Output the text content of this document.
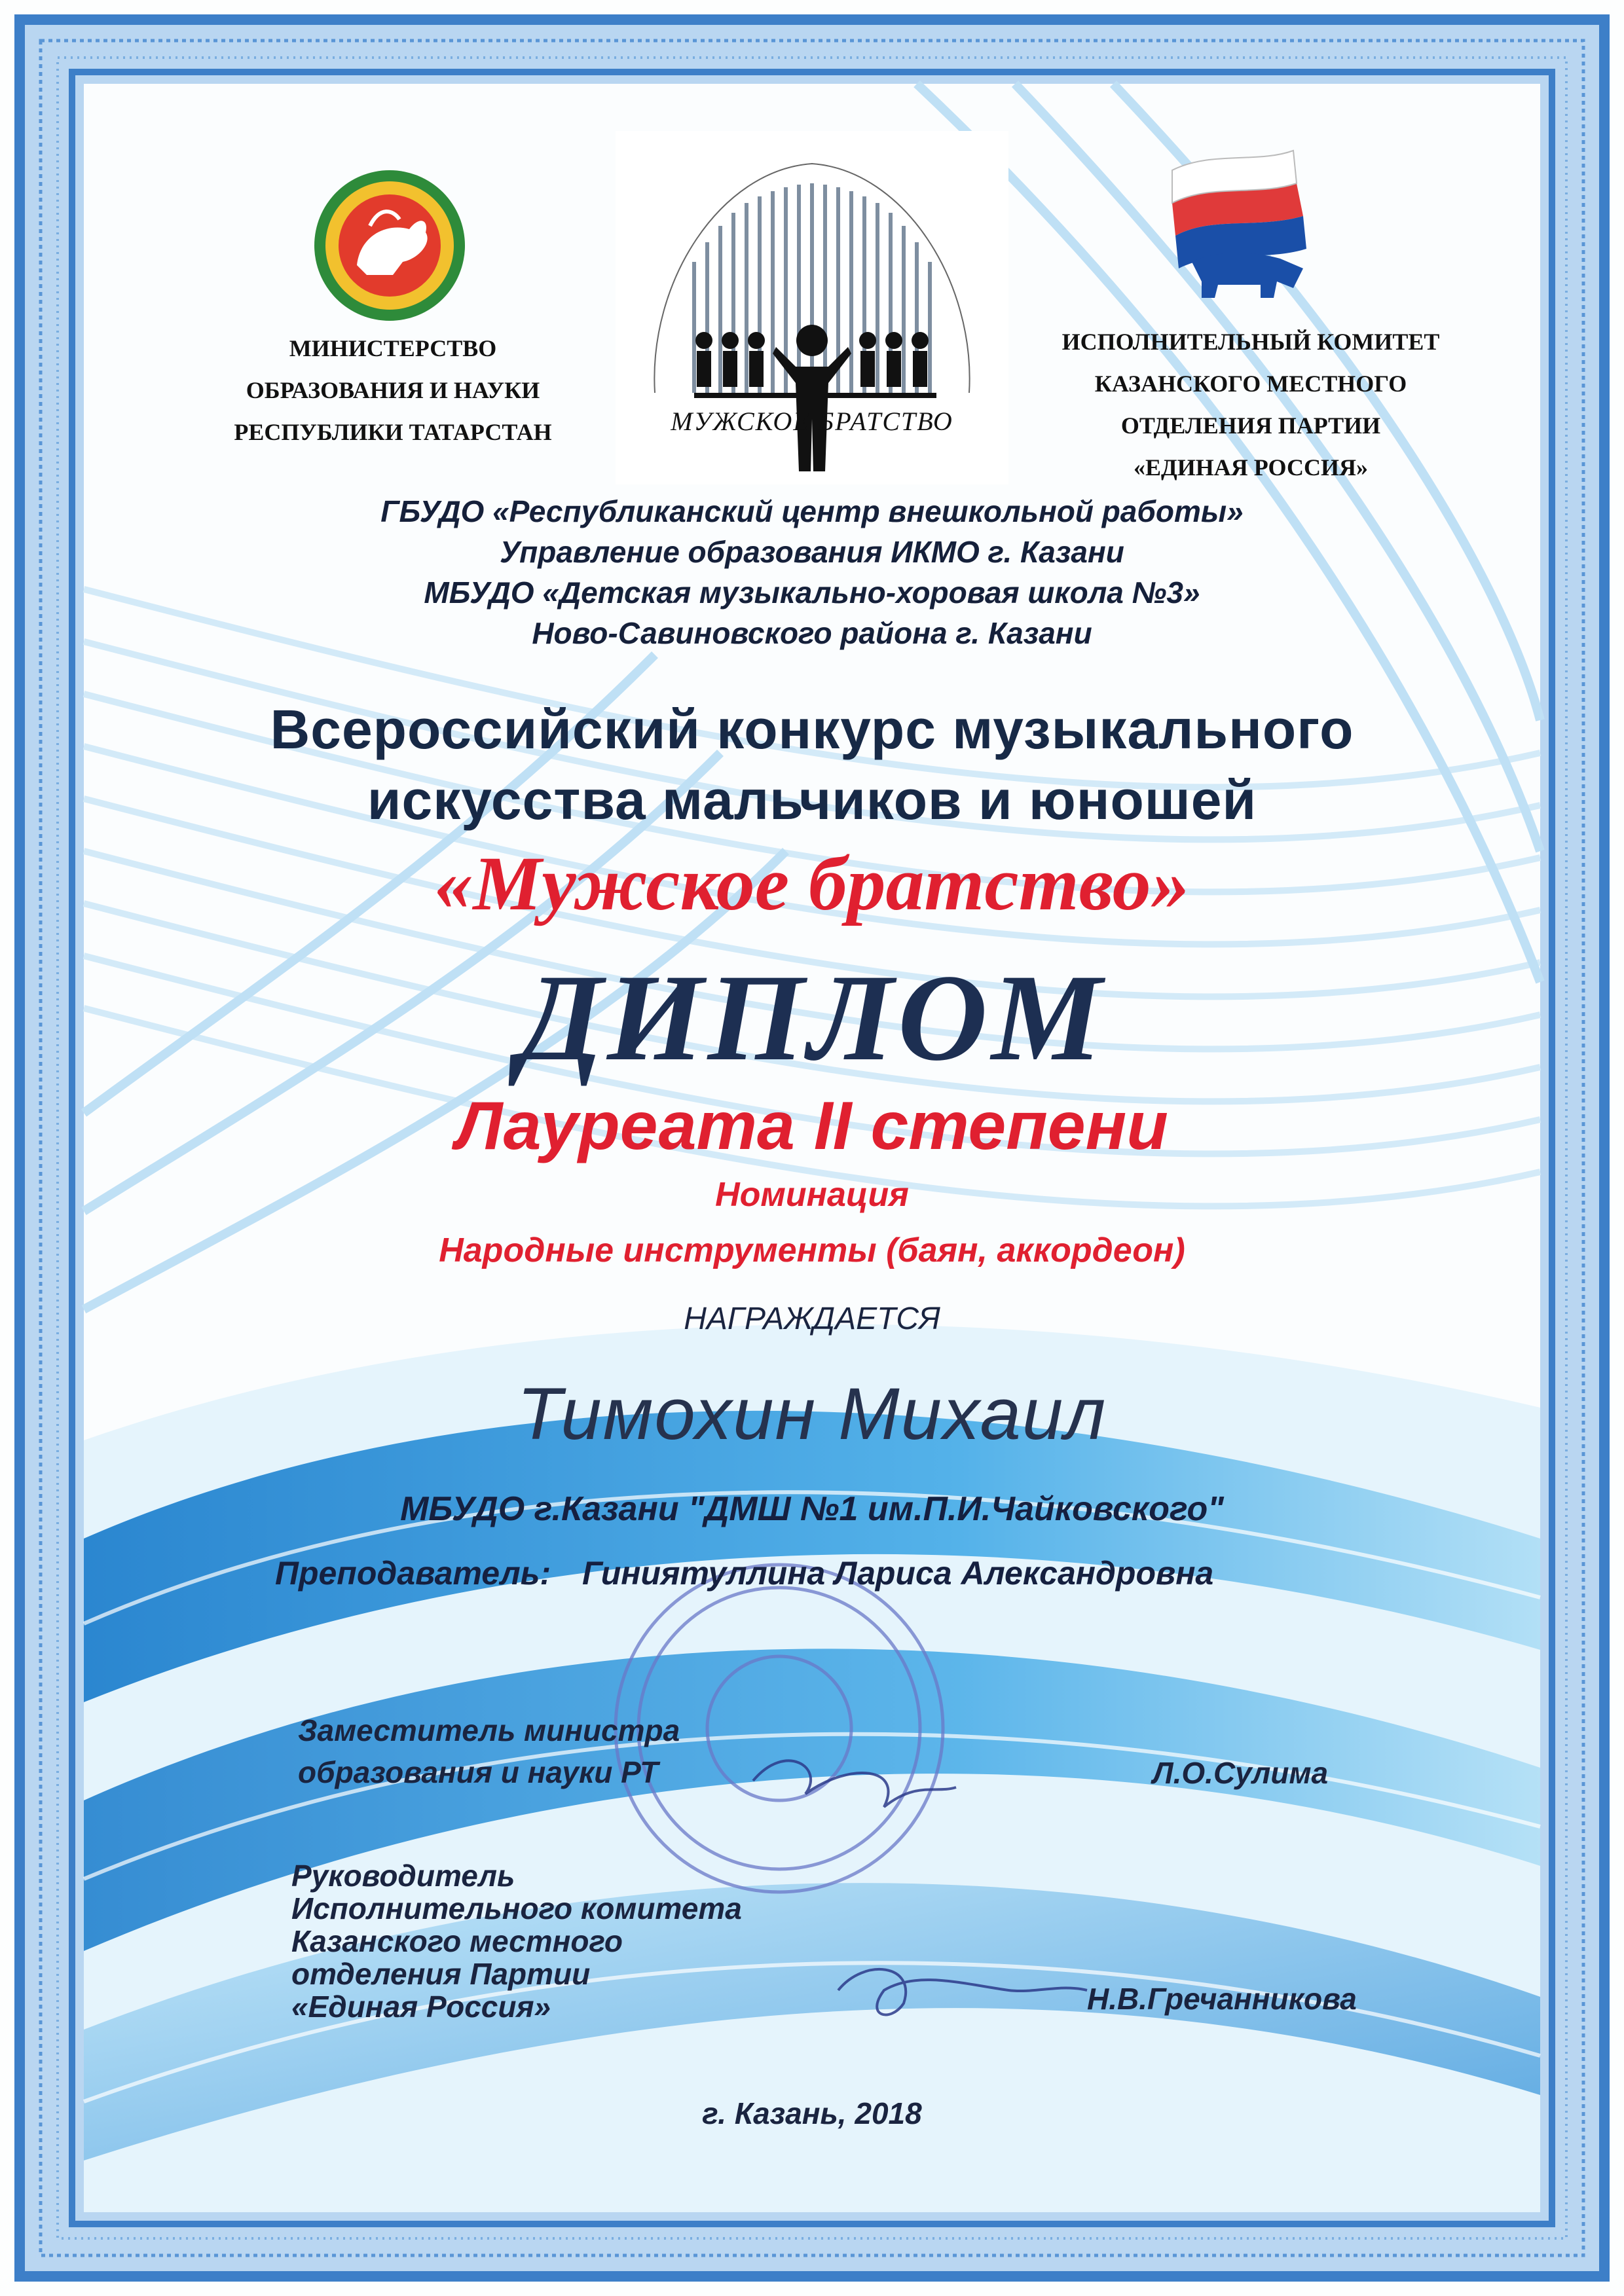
МИНИСТЕРСТВО
ОБРАЗОВАНИЯ И НАУКИ
РЕСПУБЛИКИ ТАТАРСТАН
ИСПОЛНИТЕЛЬНЫЙ КОМИТЕТ
КАЗАНСКОГО МЕСТНОГО
ОТДЕЛЕНИЯ ПАРТИИ
«ЕДИНАЯ РОССИЯ»
МУЖСКОЕ БРАТСТВО
ГБУДО «Республиканский центр внешкольной работы»
Управление образования ИКМО г. Казани
МБУДО «Детская музыкально-хоровая школа №3»
Ново-Савиновского района г. Казани
Всероссийский конкурс музыкального
искусства мальчиков и юношей
«Мужское братство»
ДИПЛОМ
Лауреата II степени
Номинация
Народные инструменты (баян, аккордеон)
НАГРАЖДАЕТСЯ
Тимохин Михаил
МБУДО г.Казани "ДМШ №1 им.П.И.Чайковского"
Преподаватель: Гиниятуллина Лариса Александровна
Заместитель министра
образования и науки РТ	Л.О.Сулима
Руководитель
Исполнительного комитета
Казанского местного
отделения Партии
«Единая Россия»	Н.В.Гречанникова
г. Казань, 2018
